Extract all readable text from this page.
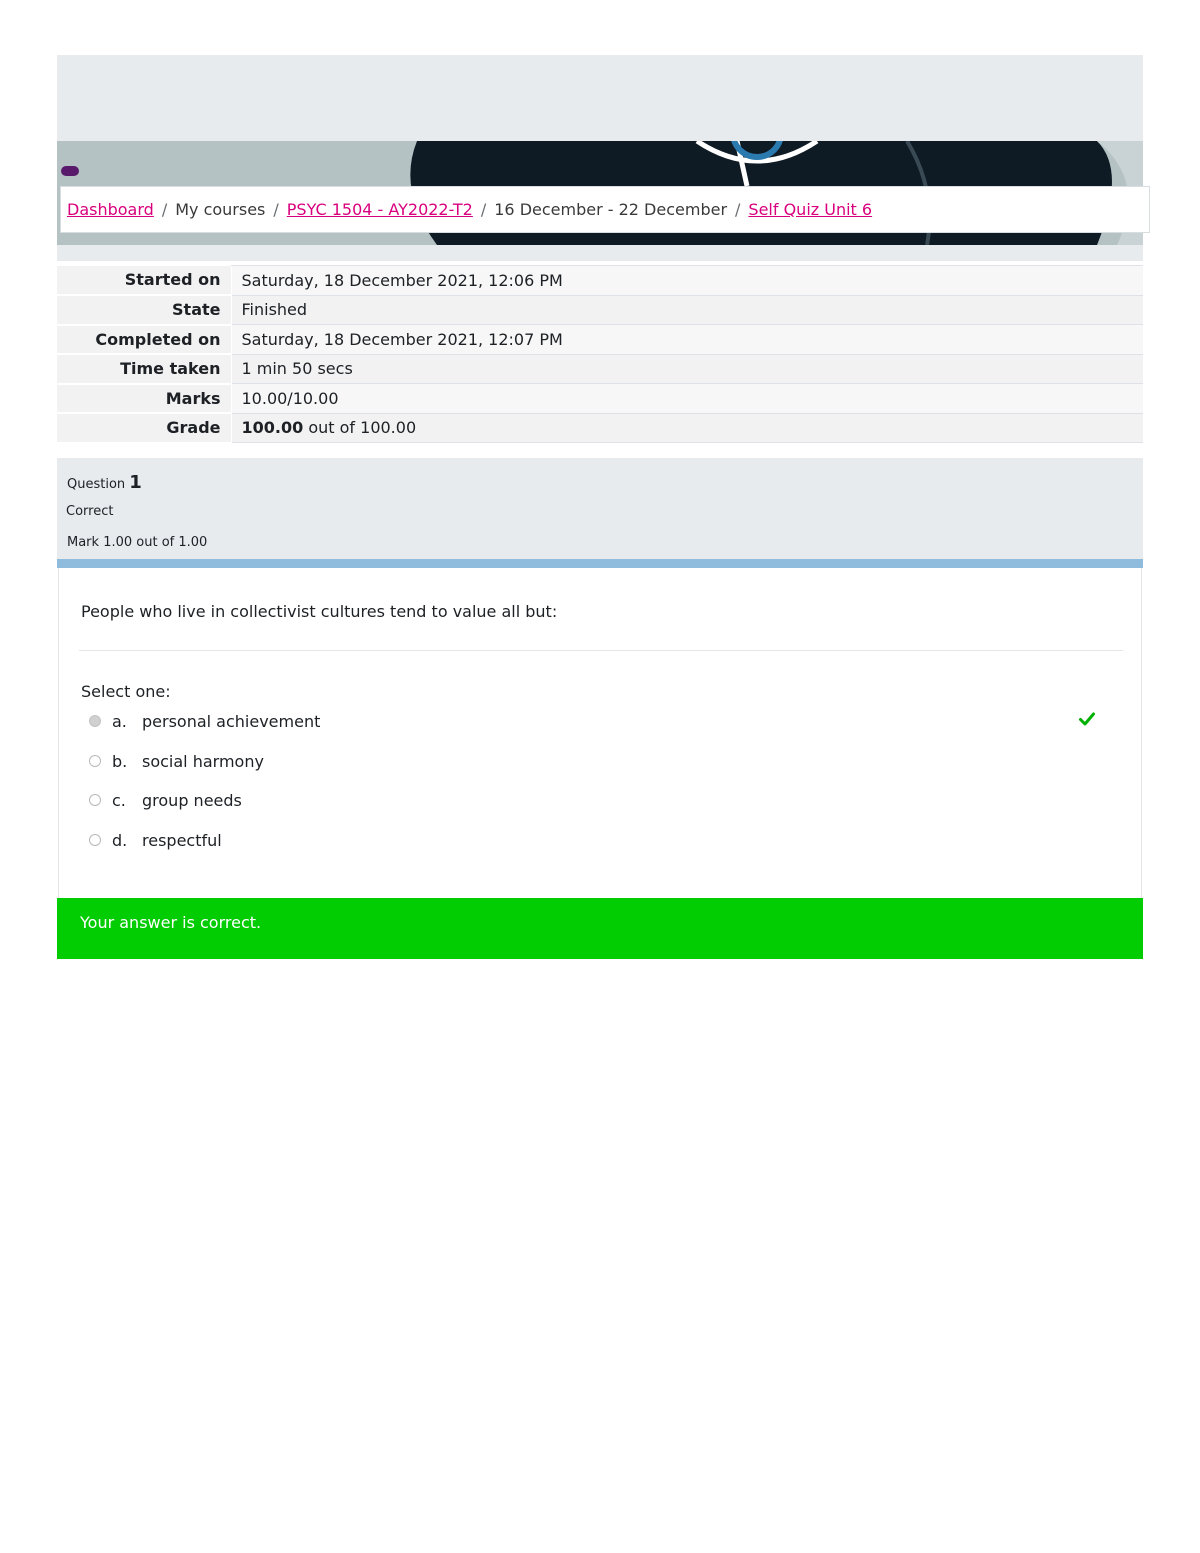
Dashboard / My courses / PSYC 1504 - AY2022-T2 / 16 December - 22 December / Self Quiz Unit 6
Started on	Saturday, 18 December 2021, 12:06 PM
State	Finished
Completed on	Saturday, 18 December 2021, 12:07 PM
Time taken	1 min 50 secs
Marks	10.00/10.00
Grade	100.00 out of 100.00
Question 1
Correct
Mark 1.00 out of 1.00
People who live in collectivist cultures tend to value all but:
Select one:
a. personal achievement
b. social harmony
c.	group needs
d. respectful
Your answer is correct.
